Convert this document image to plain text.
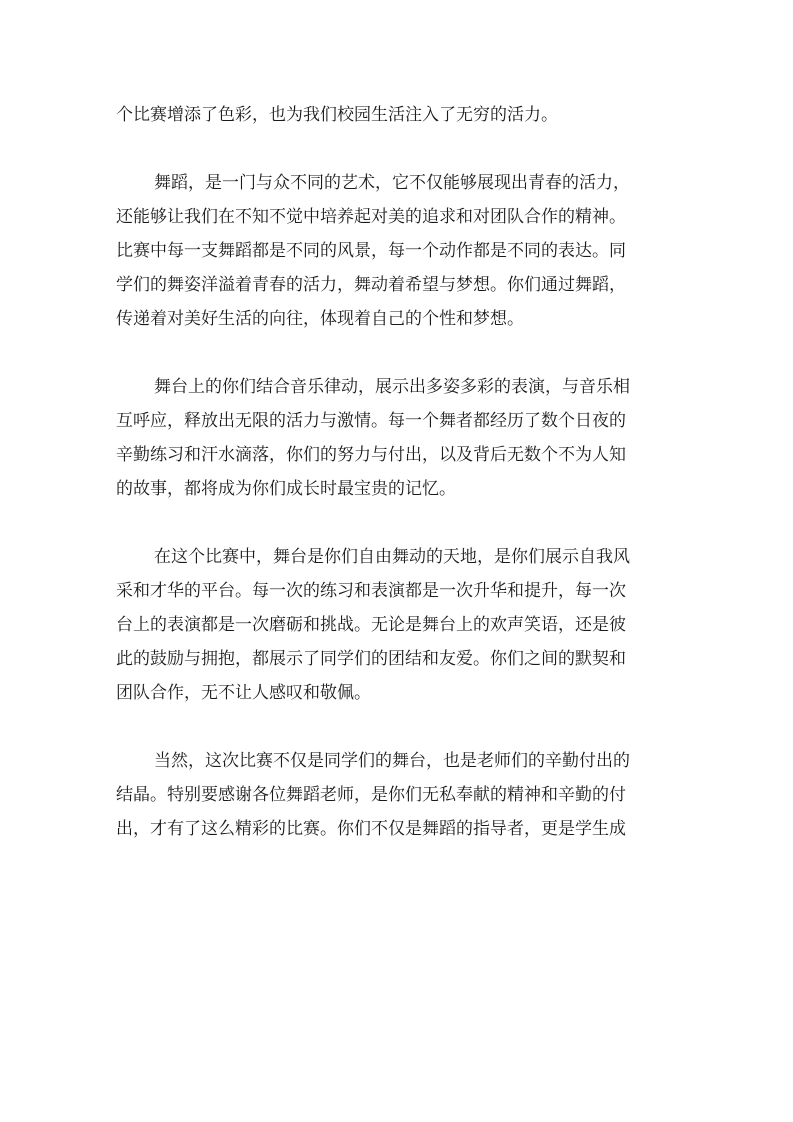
个比赛增添了色彩，也为我们校园生活注入了无穷的活力。
舞蹈，是一门与众不同的艺术，它不仅能够展现出青春的活力，
还能够让我们在不知不觉中培养起对美的追求和对团队合作的精神。
比赛中每一支舞蹈都是不同的风景，每一个动作都是不同的表达。同
学们的舞姿洋溢着青春的活力，舞动着希望与梦想。你们通过舞蹈，
传递着对美好生活的向往，体现着自己的个性和梦想。
舞台上的你们结合音乐律动，展示出多姿多彩的表演，与音乐相
互呼应，释放出无限的活力与激情。每一个舞者都经历了数个日夜的
辛勤练习和汗水滴落，你们的努力与付出，以及背后无数个不为人知
的故事，都将成为你们成长时最宝贵的记忆。
在这个比赛中，舞台是你们自由舞动的天地，是你们展示自我风
采和才华的平台。每一次的练习和表演都是一次升华和提升，每一次
台上的表演都是一次磨砺和挑战。无论是舞台上的欢声笑语，还是彼
此的鼓励与拥抱，都展示了同学们的团结和友爱。你们之间的默契和
团队合作，无不让人感叹和敬佩。
当然，这次比赛不仅是同学们的舞台，也是老师们的辛勤付出的
结晶。特别要感谢各位舞蹈老师，是你们无私奉献的精神和辛勤的付
出，才有了这么精彩的比赛。你们不仅是舞蹈的指导者，更是学生成
